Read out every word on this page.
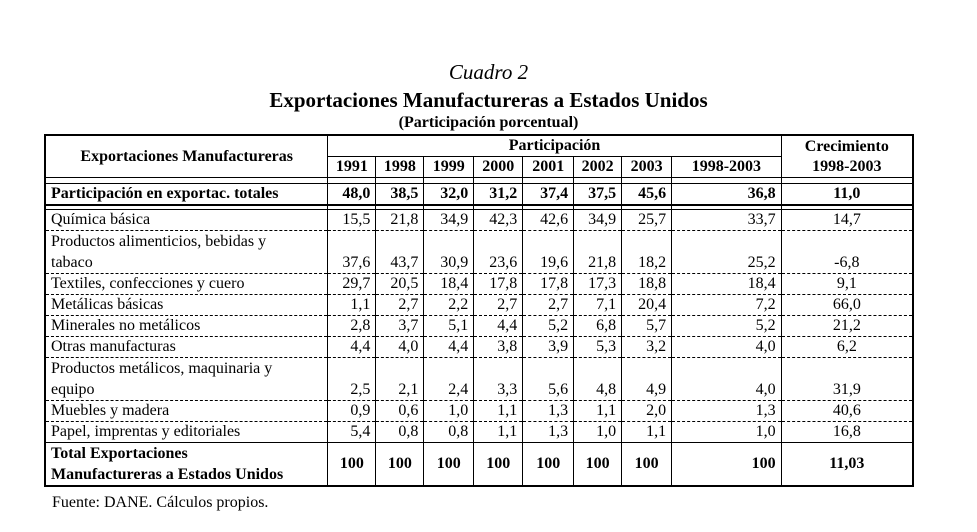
Cuadro 2
Exportaciones Manufactureras a Estados Unidos
(Participación porcentual)
Exportaciones Manufactureras	Participación								Crecimiento
1998-2003

	1991	1998	1999	2000	2001	2002	2003	1998-2003	

Participación en exportac. totales	48,0	38,5	32,0	31,2	37,4	37,5	45,6	36,8	11,0

Química básica	15,5	21,8	34,9	42,3	42,6	34,9	25,7	33,7	14,7

Productos alimenticios, bebidas y
tabaco	37,6	43,7	30,9	23,6	19,6	21,8	18,2	25,2	-6,8
Textiles, confecciones y cuero	29,7	20,5	18,4	17,8	17,8	17,3	18,8	18,4	9,1
Metálicas básicas	1,1	2,7	2,2	2,7	2,7	7,1	20,4	7,2	66,0
Minerales no metálicos	2,8	3,7	5,1	4,4	5,2	6,8	5,7	5,2	21,2
Otras manufacturas	4,4	4,0	4,4	3,8	3,9	5,3	3,2	4,0	6,2

Productos metálicos, maquinaria y
equipo	2,5	2,1	2,4	3,3	5,6	4,8	4,9	4,0	31,9
Muebles y madera	0,9	0,6	1,0	1,1	1,3	1,1	2,0	1,3	40,6
Papel, imprentas y editoriales	5,4	0,8	0,8	1,1	1,3	1,0	1,1	1,0	16,8

Total Exportaciones
Manufactureras a Estados Unidos	100	100	100	100	100	100	100	100	11,03
Fuente: DANE. Cálculos propios.
